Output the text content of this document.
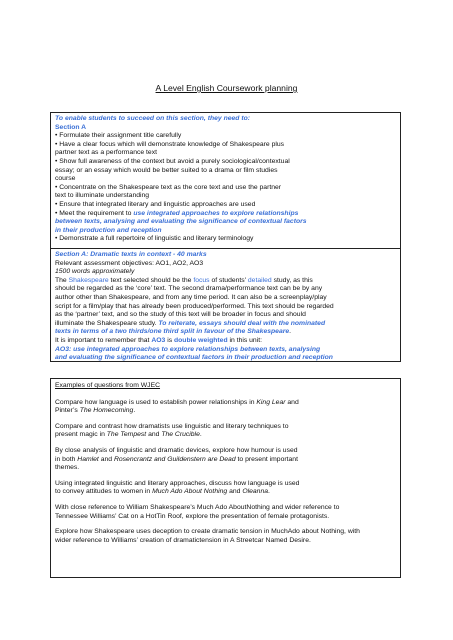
A Level English Coursework planning
To enable students to succeed on this section, they need to:
Section A
• Formulate their assignment title carefully
• Have a clear focus which will demonstrate knowledge of Shakespeare plus
partner text as a performance text
• Show full awareness of the context but avoid a purely sociological/contextual
essay; or an essay which would be better suited to a drama or film studies
course
• Concentrate on the Shakespeare text as the core text and use the partner
text to illuminate understanding
• Ensure that integrated literary and linguistic approaches are used
• Meet the requirement to use integrated approaches to explore relationships
between texts, analysing and evaluating the significance of contextual factors
in their production and reception
• Demonstrate a full repertoire of linguistic and literary terminology
Section A: Dramatic texts in context - 40 marks
Relevant assessment objectives: AO1, AO2, AO3
1500 words approximately
The Shakespeare text selected should be the focus of students' detailed study, as this
should be regarded as the ‘core’ text. The second drama/performance text can be by any
author other than Shakespeare, and from any time period. It can also be a screenplay/play
script for a film/play that has already been produced/performed. This text should be regarded
as the ‘partner’ text, and so the study of this text will be broader in focus and should
illuminate the Shakespeare study. To reiterate, essays should deal with the nominated
texts in terms of a two thirds/one third split in favour of the Shakespeare.
It is important to remember that AO3 is double weighted in this unit:
AO3: use integrated approaches to explore relationships between texts, analysing
and evaluating the significance of contextual factors in their production and reception
Examples of questions from WJEC
Compare how language is used to establish power relationships in King Lear and
Pinter’s The Homecoming.
Compare and contrast how dramatists use linguistic and literary techniques to
present magic in The Tempest and The Crucible.
By close analysis of linguistic and dramatic devices, explore how humour is used
in both Hamlet and Rosencrantz and Guildenstern are Dead to present important
themes.
Using integrated linguistic and literary approaches, discuss how language is used
to convey attitudes to women in Much Ado About Nothing and Oleanna.
With close reference to William Shakespeare’s Much Ado AboutNothing and wider reference to
Tennessee Williams’ Cat on a HotTin Roof, explore the presentation of female protagonists.
Explore how Shakespeare uses deception to create dramatic tension in MuchAdo about Nothing, with
wider reference to Williams’ creation of dramatictension in A Streetcar Named Desire.
